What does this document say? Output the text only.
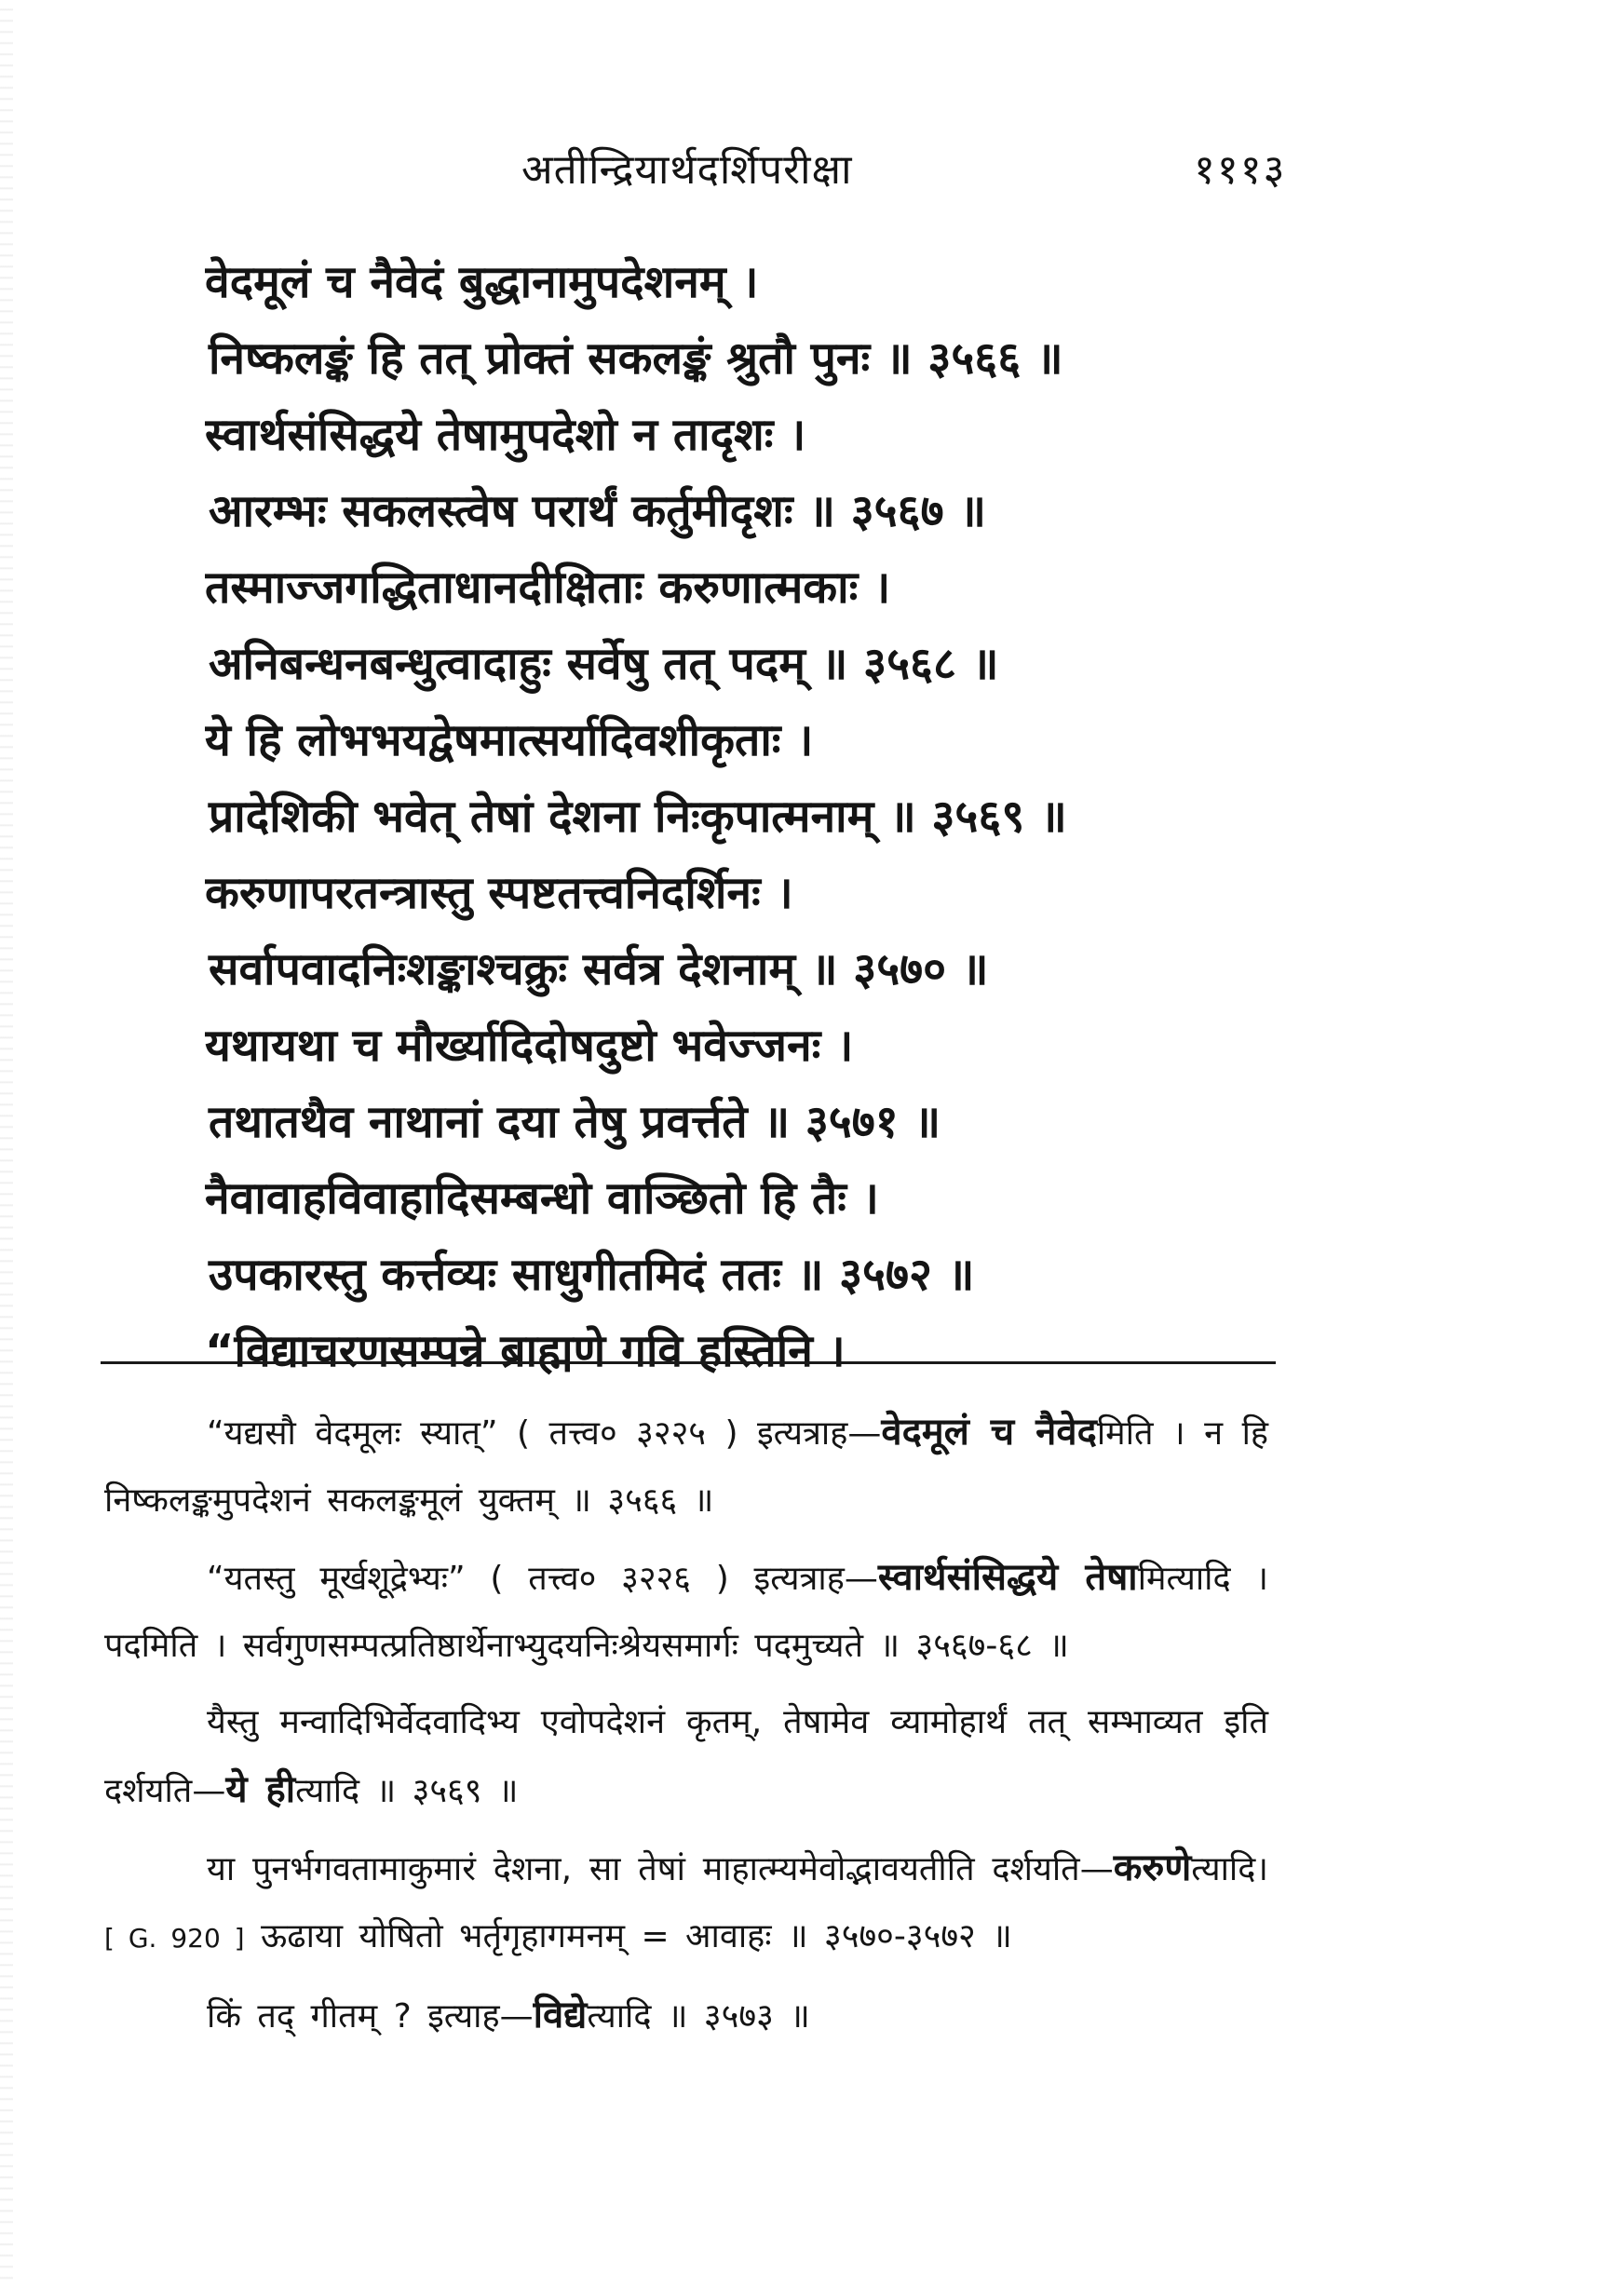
अतीन्द्रियार्थदर्शिपरीक्षा	१११३
वेदमूलं च नैवेदं बुद्धानामुपदेशनम् ।
निष्कलङ्कं हि तत् प्रोक्तं सकलङ्कं श्रुतौ पुनः ॥ ३५६६ ॥
स्वार्थसंसिद्धये तेषामुपदेशो न तादृशः ।
आरम्भः सकलस्त्वेष परार्थं कर्तुमीदृशः ॥ ३५६७ ॥
तस्माज्जगद्धिताधानदीक्षिताः करुणात्मकाः ।
अनिबन्धनबन्धुत्वादाहुः सर्वेषु तत् पदम् ॥ ३५६८ ॥
ये हि लोभभयद्वेषमात्सर्यादिवशीकृताः ।
प्रादेशिकी भवेत् तेषां देशना निःकृपात्मनाम् ॥ ३५६९ ॥
करुणापरतन्त्रास्तु स्पष्टतत्त्वनिदर्शिनः ।
सर्वापवादनिःशङ्काश्चक्रुः सर्वत्र देशनाम् ॥ ३५७० ॥
यथायथा च मौर्ख्यादिदोषदुष्टो भवेज्जनः ।
तथातथैव नाथानां दया तेषु प्रवर्त्तते ॥ ३५७१ ॥
नैवावाहविवाहादिसम्बन्धो वाञ्छितो हि तैः ।
उपकारस्तु कर्त्तव्यः साधुगीतमिदं ततः ॥ ३५७२ ॥
“विद्याचरणसम्पन्ने ब्राह्मणे गवि हस्तिनि ।

“यद्यसौ वेदमूलः स्यात्” ( तत्त्व० ३२२५ ) इत्यत्राह—वेदमूलं च नैवेदमिति । न हि निष्कलङ्कमुपदेशनं सकलङ्कमूलं युक्तम् ॥ ३५६६ ॥

“यतस्तु मूर्खशूद्रेभ्यः” ( तत्त्व० ३२२६ ) इत्यत्राह—स्वार्थसंसिद्धये तेषामित्यादि । पदमिति । सर्वगुणसम्पत्प्रतिष्ठार्थेनाभ्युदयनिःश्रेयसमार्गः पदमुच्यते ॥ ३५६७-६८ ॥

यैस्तु मन्वादिभिर्वेदवादिभ्य एवोपदेशनं कृतम्, तेषामेव व्यामोहार्थं तत् सम्भाव्यत इति दर्शयति—ये हीत्यादि ॥ ३५६९ ॥

या पुनर्भगवतामाकुमारं देशना, सा तेषां माहात्म्यमेवोद्भावयतीति दर्शयति—करुणेत्यादि। [ G. 920 ] ऊढाया योषितो भर्तृगृहागमनम् = आवाहः ॥ ३५७०-३५७२ ॥

किं तद् गीतम् ? इत्याह—विद्येत्यादि ॥ ३५७३ ॥
